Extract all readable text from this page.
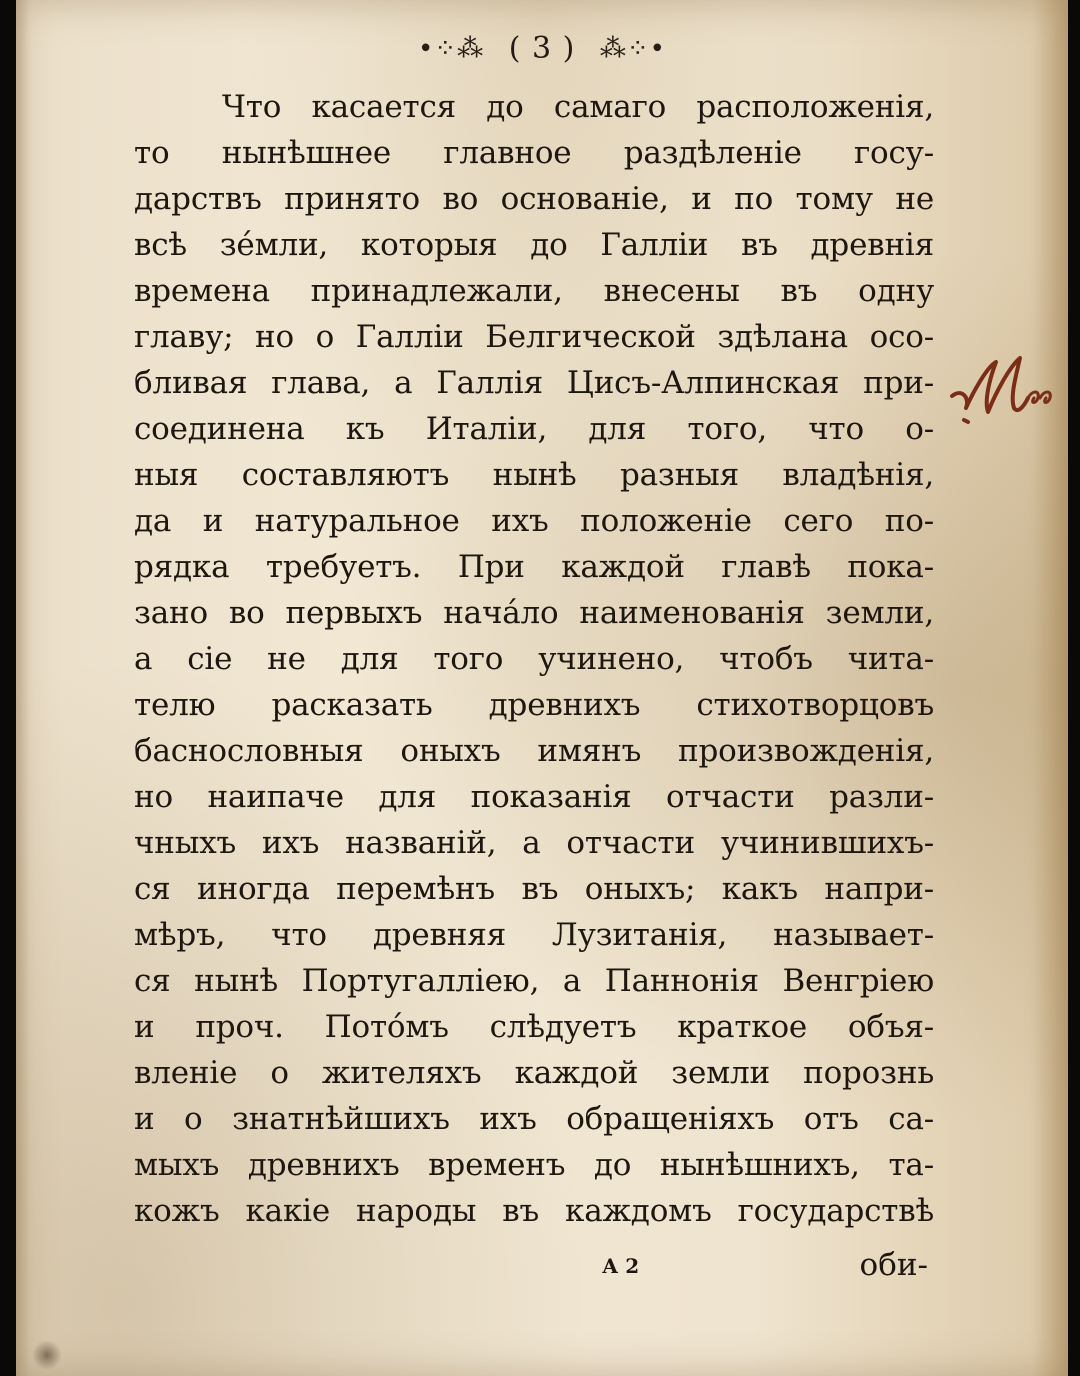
•⁘⁂ ( 3 ) ⁂⁘•
Что касается до самаго расположенія,
то нынѣшнее главное раздѣленіе госу-
дарствъ принято во основаніе, и по тому не
всѣ зéмли, которыя до Галліи въ древнія
времена принадлежали, внесены въ одну
главу; но о Галліи Белгической здѣлана осо-
бливая глава, а Галлія Цисъ-Алпинская при-
соединена къ Италіи, для того, что о-
ныя составляютъ нынѣ разныя владѣнія,
да и натуральное ихъ положеніе сего по-
рядка требуетъ. При каждой главѣ пока-
зано во первыхъ начáло наименованія земли,
а сіе не для того учинено, чтобъ чита-
телю расказать древнихъ стихотворцовъ
баснословныя оныхъ имянъ произвожденія,
но наипаче для показанія отчасти разли-
чныхъ ихъ названій, а отчасти учинившихъ-
ся иногда перемѣнъ въ оныхъ; какъ напри-
мѣръ, что древняя Лузитанія, называет-
ся нынѣ Португалліею, а Паннонія Венгріею
и проч. Потóмъ слѣдуетъ краткое объя-
вленіе о жителяхъ каждой земли порознь
и о знатнѣйшихъ ихъ обращеніяхъ отъ са-
мыхъ древнихъ временъ до нынѣшнихъ, та-
кожъ какіе народы въ каждомъ государствѣ
А 2	оби-
